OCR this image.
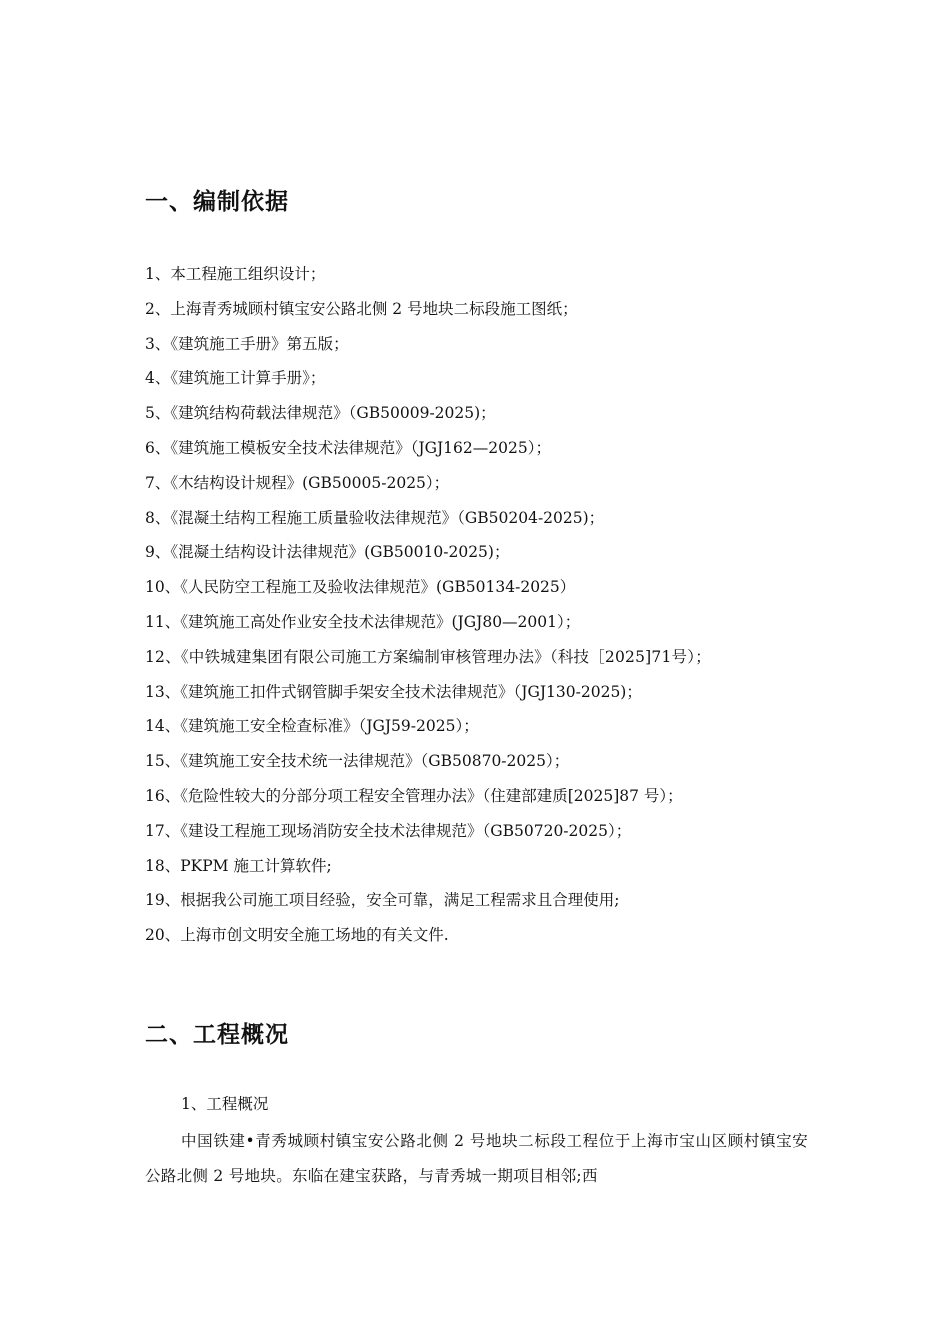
一、编制依据
1、本工程施工组织设计；
2、上海青秀城顾村镇宝安公路北侧 2 号地块二标段施工图纸；
3、《建筑施工手册》第五版；
4、《建筑施工计算手册》；
5、《建筑结构荷载法律规范》（GB50009-2025)；
6、《建筑施工模板安全技术法律规范》（JGJ162—2025）；
7、《木结构设计规程》(GB50005-2025）；
8、《混凝土结构工程施工质量验收法律规范》（GB50204-2025)；
9、《混凝土结构设计法律规范》(GB50010-2025)；
10、《人民防空工程施工及验收法律规范》(GB50134-2025）
11、《建筑施工高处作业安全技术法律规范》(JGJ80—2001）；
12、《中铁城建集团有限公司施工方案编制审核管理办法》（科技［2025]71号）；
13、《建筑施工扣件式钢管脚手架安全技术法律规范》（JGJ130-2025)；
14、《建筑施工安全检查标准》（JGJ59-2025）；
15、《建筑施工安全技术统一法律规范》（GB50870-2025）；
16、《危险性较大的分部分项工程安全管理办法》（住建部建质[2025]87 号）；
17、《建设工程施工现场消防安全技术法律规范》（GB50720-2025）；
18、PKPM 施工计算软件;
19、根据我公司施工项目经验，安全可靠，满足工程需求且合理使用;
20、上海市创文明安全施工场地的有关文件.
二、工程概况

1、工程概况

中国铁建•青秀城顾村镇宝安公路北侧 2 号地块二标段工程位于上海市宝山区顾村镇宝安公路北侧 2 号地块。东临在建宝获路，与青秀城一期项目相邻;西
